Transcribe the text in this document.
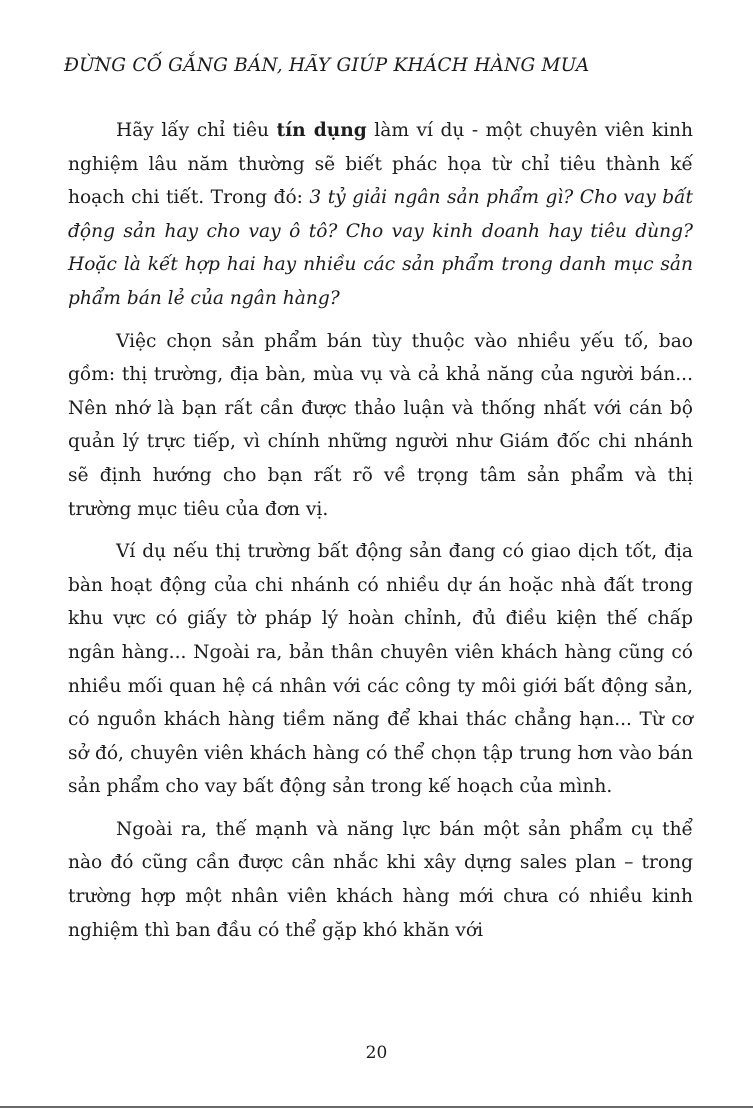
ĐỪNG CỐ GẮNG BÁN, HÃY GIÚP KHÁCH HÀNG MUA

Hãy lấy chỉ tiêu tín dụng làm ví dụ - một chuyên viên kinh nghiệm lâu năm thường sẽ biết phác họa từ chỉ tiêu thành kế hoạch chi tiết. Trong đó: 3 tỷ giải ngân sản phẩm gì? Cho vay bất động sản hay cho vay ô tô? Cho vay kinh doanh hay tiêu dùng? Hoặc là kết hợp hai hay nhiều các sản phẩm trong danh mục sản phẩm bán lẻ của ngân hàng?

Việc chọn sản phẩm bán tùy thuộc vào nhiều yếu tố, bao gồm: thị trường, địa bàn, mùa vụ và cả khả năng của người bán... Nên nhớ là bạn rất cần được thảo luận và thống nhất với cán bộ quản lý trực tiếp, vì chính những người như Giám đốc chi nhánh sẽ định hướng cho bạn rất rõ về trọng tâm sản phẩm và thị trường mục tiêu của đơn vị.

Ví dụ nếu thị trường bất động sản đang có giao dịch tốt, địa bàn hoạt động của chi nhánh có nhiều dự án hoặc nhà đất trong khu vực có giấy tờ pháp lý hoàn chỉnh, đủ điều kiện thế chấp ngân hàng... Ngoài ra, bản thân chuyên viên khách hàng cũng có nhiều mối quan hệ cá nhân với các công ty môi giới bất động sản, có nguồn khách hàng tiềm năng để khai thác chẳng hạn... Từ cơ sở đó, chuyên viên khách hàng có thể chọn tập trung hơn vào bán sản phẩm cho vay bất động sản trong kế hoạch của mình.

Ngoài ra, thế mạnh và năng lực bán một sản phẩm cụ thể nào đó cũng cần được cân nhắc khi xây dựng sales plan – trong trường hợp một nhân viên khách hàng mới chưa có nhiều kinh nghiệm thì ban đầu có thể gặp khó khăn với

20
